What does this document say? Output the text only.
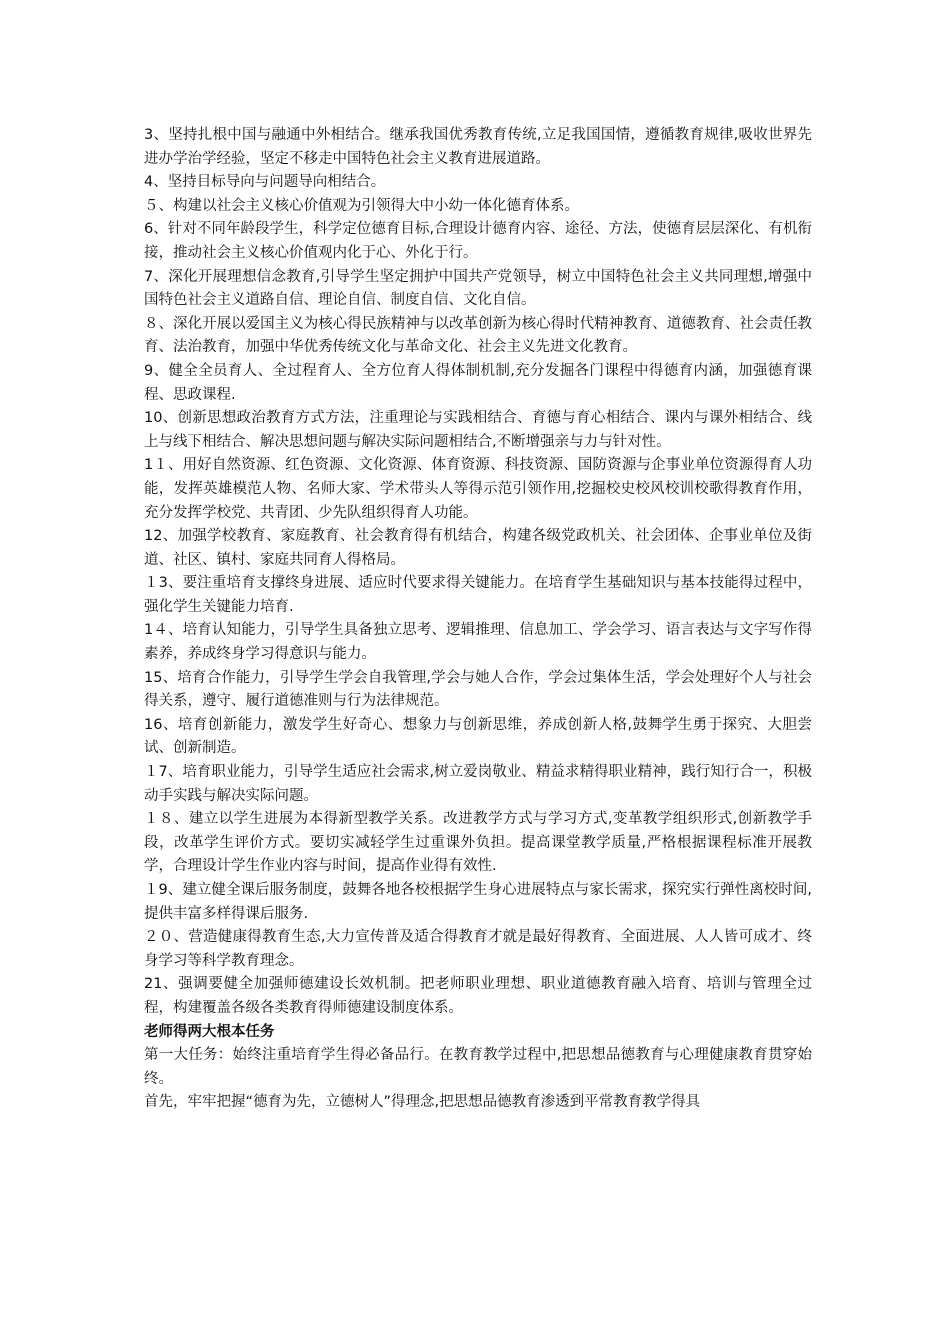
3、坚持扎根中国与融通中外相结合。继承我国优秀教育传统,立足我国国情，遵循教育规律,吸收世界先进办学治学经验，坚定不移走中国特色社会主义教育进展道路。

4、坚持目标导向与问题导向相结合。

５、构建以社会主义核心价值观为引领得大中小幼一体化德育体系。

6、针对不同年龄段学生，科学定位德育目标,合理设计德育内容、途径、方法，使德育层层深化、有机衔接，推动社会主义核心价值观内化于心、外化于行。

7、深化开展理想信念教育,引导学生坚定拥护中国共产党领导，树立中国特色社会主义共同理想,增强中国特色社会主义道路自信、理论自信、制度自信、文化自信。

８、深化开展以爱国主义为核心得民族精神与以改革创新为核心得时代精神教育、道德教育、社会责任教育、法治教育，加强中华优秀传统文化与革命文化、社会主义先进文化教育。

9、健全全员育人、全过程育人、全方位育人得体制机制,充分发掘各门课程中得德育内涵，加强德育课程、思政课程.

10、创新思想政治教育方式方法，注重理论与实践相结合、育德与育心相结合、课内与课外相结合、线上与线下相结合、解决思想问题与解决实际问题相结合,不断增强亲与力与针对性。

1１、用好自然资源、红色资源、文化资源、体育资源、科技资源、国防资源与企事业单位资源得育人功能，发挥英雄模范人物、名师大家、学术带头人等得示范引领作用,挖掘校史校风校训校歌得教育作用，充分发挥学校党、共青团、少先队组织得育人功能。

12、加强学校教育、家庭教育、社会教育得有机结合，构建各级党政机关、社会团体、企事业单位及街道、社区、镇村、家庭共同育人得格局。

１3、要注重培育支撑终身进展、适应时代要求得关键能力。在培育学生基础知识与基本技能得过程中，强化学生关键能力培育.

1４、培育认知能力，引导学生具备独立思考、逻辑推理、信息加工、学会学习、语言表达与文字写作得素养，养成终身学习得意识与能力。

15、培育合作能力，引导学生学会自我管理,学会与她人合作，学会过集体生活，学会处理好个人与社会得关系，遵守、履行道德准则与行为法律规范。

16、培育创新能力，激发学生好奇心、想象力与创新思维，养成创新人格,鼓舞学生勇于探究、大胆尝试、创新制造。

１7、培育职业能力，引导学生适应社会需求,树立爱岗敬业、精益求精得职业精神，践行知行合一，积极动手实践与解决实际问题。

１８、建立以学生进展为本得新型教学关系。改进教学方式与学习方式,变革教学组织形式,创新教学手段，改革学生评价方式。要切实减轻学生过重课外负担。提高课堂教学质量,严格根据课程标准开展教学，合理设计学生作业内容与时间，提高作业得有效性.

１9、建立健全课后服务制度，鼓舞各地各校根据学生身心进展特点与家长需求，探究实行弹性离校时间,提供丰富多样得课后服务.

２０、营造健康得教育生态,大力宣传普及适合得教育才就是最好得教育、全面进展、人人皆可成才、终身学习等科学教育理念。

21、强调要健全加强师德建设长效机制。把老师职业理想、职业道德教育融入培育、培训与管理全过程，构建覆盖各级各类教育得师德建设制度体系。

老师得两大根本任务

第一大任务：始终注重培育学生得必备品行。在教育教学过程中,把思想品德教育与心理健康教育贯穿始终。

首先，牢牢把握“德育为先，立德树人”得理念,把思想品德教育渗透到平常教育教学得具
